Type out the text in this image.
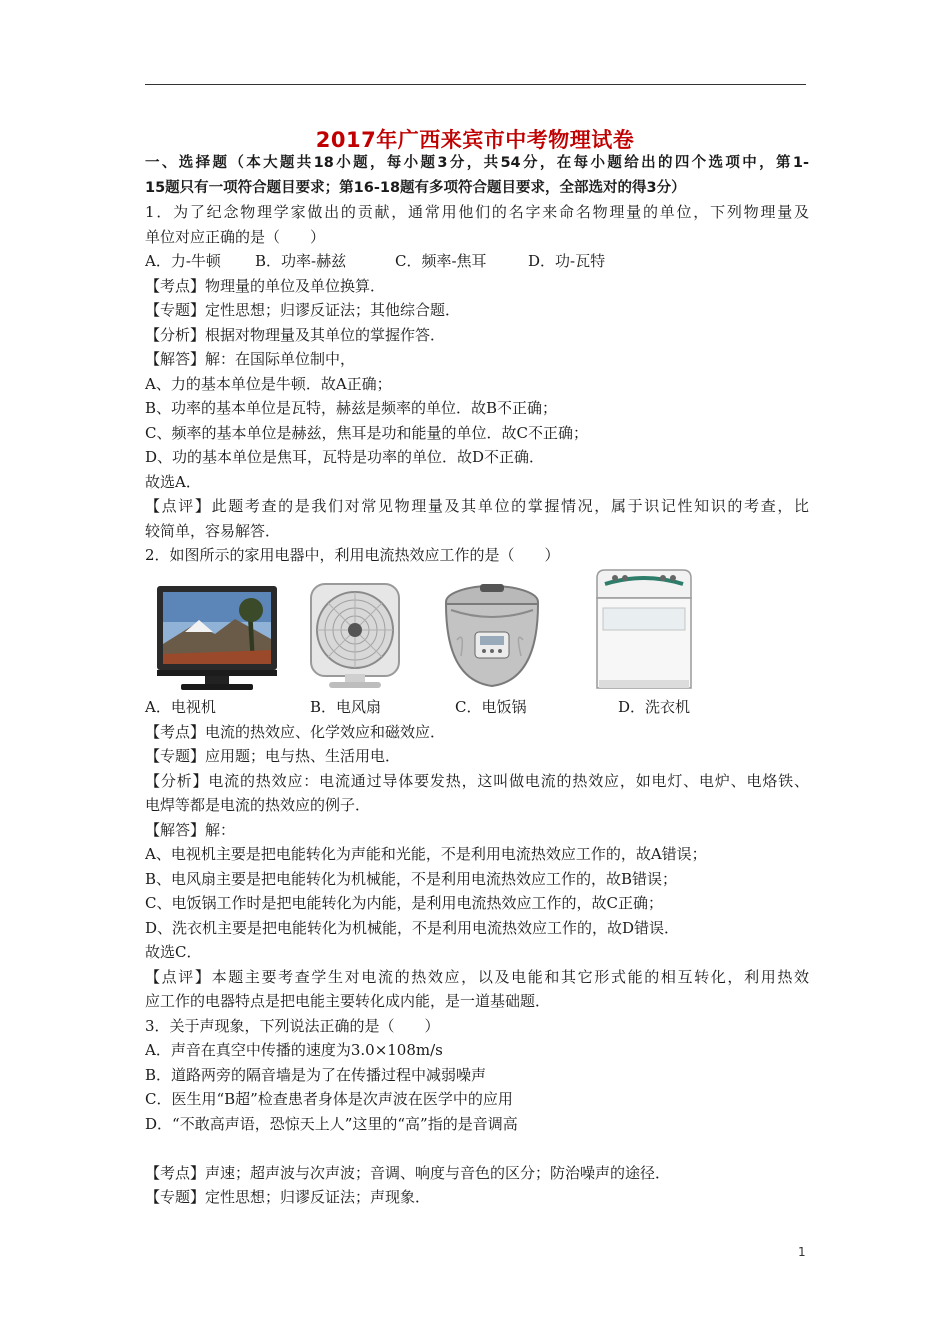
2017年广西来宾市中考物理试卷
一、选择题（本大题共18小题，每小题3分，共54分，在每小题给出的四个选项中，第1-
15题只有一项符合题目要求；第16-18题有多项符合题目要求，全部选对的得3分）
1．为了纪念物理学家做出的贡献，通常用他们的名字来命名物理量的单位，下列物理量及
单位对应正确的是（　　）
A．力-牛顿	B．功率-赫兹	C．频率-焦耳	D．功-瓦特
【考点】物理量的单位及单位换算．
【专题】定性思想；归谬反证法；其他综合题．
【分析】根据对物理量及其单位的掌握作答．
【解答】解：在国际单位制中，
A、力的基本单位是牛顿．故A正确；
B、功率的基本单位是瓦特，赫兹是频率的单位．故B不正确；
C、频率的基本单位是赫兹，焦耳是功和能量的单位．故C不正确；
D、功的基本单位是焦耳，瓦特是功率的单位．故D不正确．
故选A．
【点评】此题考查的是我们对常见物理量及其单位的掌握情况，属于识记性知识的考查，比
较简单，容易解答．
2．如图所示的家用电器中，利用电流热效应工作的是（　　）
A．电视机	B．电风扇	C．电饭锅	D．洗衣机
【考点】电流的热效应、化学效应和磁效应．
【专题】应用题；电与热、生活用电．
【分析】电流的热效应：电流通过导体要发热，这叫做电流的热效应，如电灯、电炉、电烙铁、
电焊等都是电流的热效应的例子．
【解答】解：
A、电视机主要是把电能转化为声能和光能，不是利用电流热效应工作的，故A错误；
B、电风扇主要是把电能转化为机械能，不是利用电流热效应工作的，故B错误；
C、电饭锅工作时是把电能转化为内能，是利用电流热效应工作的，故C正确；
D、洗衣机主要是把电能转化为机械能，不是利用电流热效应工作的，故D错误．
故选C．
【点评】本题主要考查学生对电流的热效应，以及电能和其它形式能的相互转化，利用热效
应工作的电器特点是把电能主要转化成内能，是一道基础题．
3．关于声现象，下列说法正确的是（　　）
A．声音在真空中传播的速度为3.0×108m/s
B．道路两旁的隔音墙是为了在传播过程中减弱噪声
C．医生用“B超”检查患者身体是次声波在医学中的应用
D．“不敢高声语，恐惊天上人”这里的“高”指的是音调高
【考点】声速；超声波与次声波；音调、响度与音色的区分；防治噪声的途径．
【专题】定性思想；归谬反证法；声现象．
1
